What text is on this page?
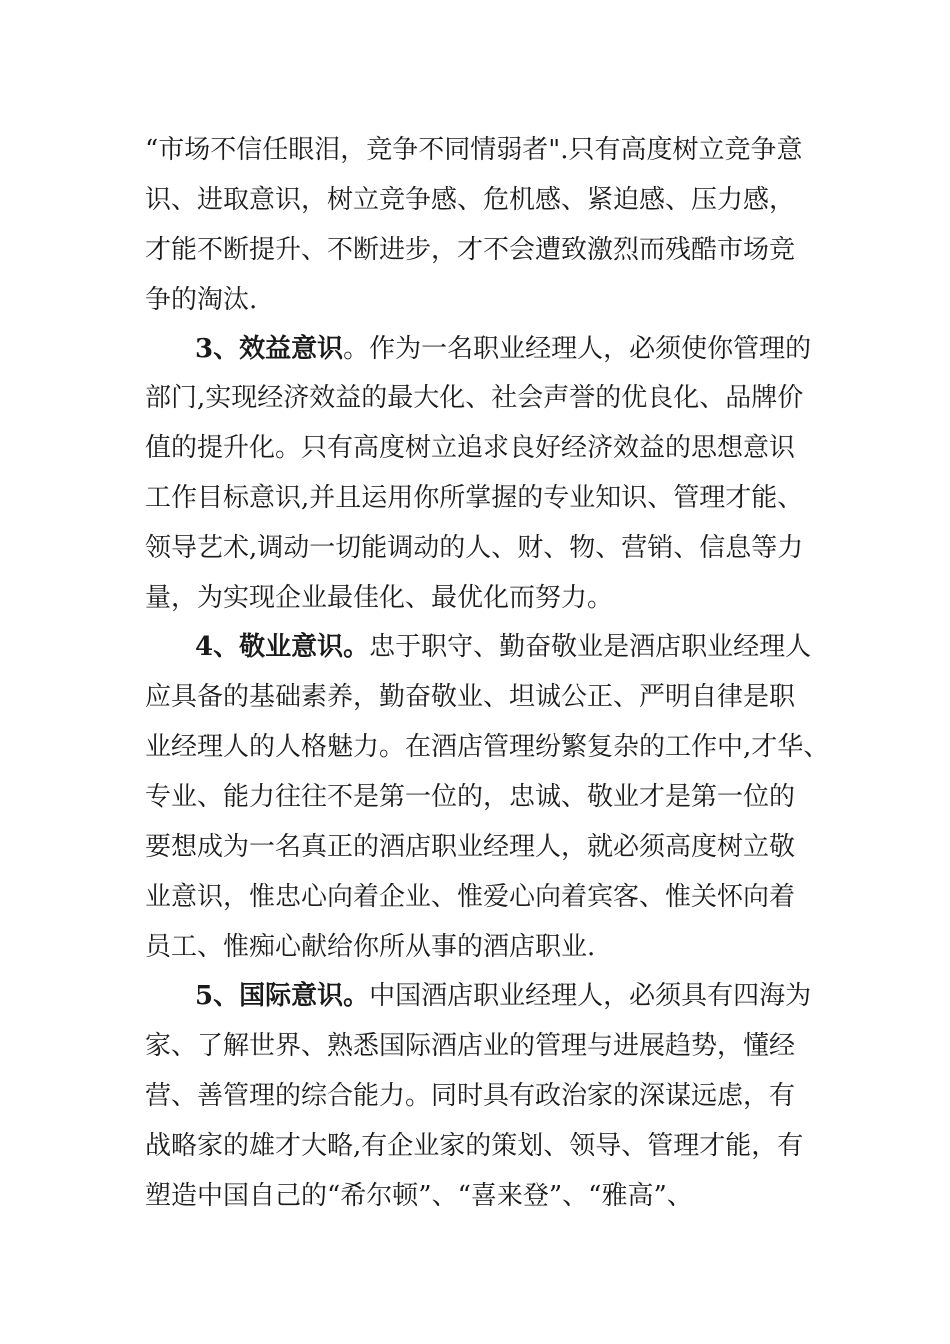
“市场不信任眼泪，竞争不同情弱者".只有高度树立竞争意
识、进取意识，树立竞争感、危机感、紧迫感、压力感，
才能不断提升、不断进步，才不会遭致激烈而残酷市场竞
争的淘汰.
3、效益意识。作为一名职业经理人，必须使你管理的
部门,实现经济效益的最大化、社会声誉的优良化、品牌价
值的提升化。只有高度树立追求良好经济效益的思想意识
工作目标意识,并且运用你所掌握的专业知识、管理才能、
领导艺术,调动一切能调动的人、财、物、营销、信息等力
量，为实现企业最佳化、最优化而努力。
4、敬业意识。忠于职守、勤奋敬业是酒店职业经理人
应具备的基础素养，勤奋敬业、坦诚公正、严明自律是职
业经理人的人格魅力。在酒店管理纷繁复杂的工作中,才华、
专业、能力往往不是第一位的，忠诚、敬业才是第一位的
要想成为一名真正的酒店职业经理人，就必须高度树立敬
业意识，惟忠心向着企业、惟爱心向着宾客、惟关怀向着
员工、惟痴心献给你所从事的酒店职业.
5、国际意识。中国酒店职业经理人，必须具有四海为
家、了解世界、熟悉国际酒店业的管理与进展趋势，懂经
营、善管理的综合能力。同时具有政治家的深谋远虑，有
战略家的雄才大略,有企业家的策划、领导、管理才能，有
塑造中国自己的“希尔顿”、“喜来登”、“雅高”、
